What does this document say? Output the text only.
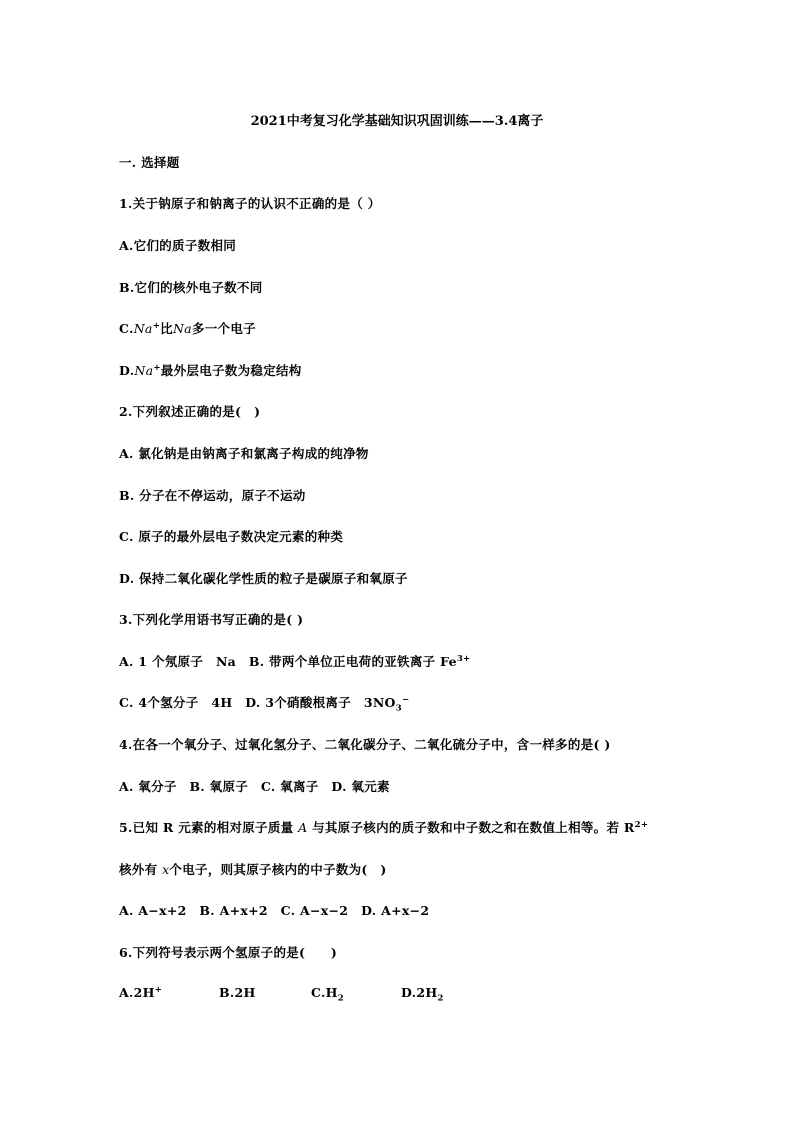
2021中考复习化学基础知识巩固训练——3.4离子
一. 选择题
1.关于钠原子和钠离子的认识不正确的是（ ）
A.它们的质子数相同
B.它们的核外电子数不同
C.Na+比Na多一个电子
D.Na+最外层电子数为稳定结构
2.下列叙述正确的是(　)
A. 氯化钠是由钠离子和氯离子构成的纯净物
B. 分子在不停运动，原子不运动
C. 原子的最外层电子数决定元素的种类
D. 保持二氧化碳化学性质的粒子是碳原子和氧原子
3.下列化学用语书写正确的是( )
A. 1 个氖原子　Na　B. 带两个单位正电荷的亚铁离子 $Fe^{3+}$
C. 4个氢分子　4H　D. 3个硝酸根离子　$3NO_3^-$
4.在各一个氧分子、过氧化氢分子、二氧化碳分子、二氧化硫分子中，含一样多的是( )
A. 氧分子　B. 氧原子　C. 氧离子　D. 氧元素
5.已知 R 元素的相对原子质量 A 与其原子核内的质子数和中子数之和在数值上相等。若 $R^{2+}$
核外有 x个电子，则其原子核内的中子数为(　)
A. A−x+2　B. A+x+2　C. A−x−2　D. A+x−2
6.下列符号表示两个氢原子的是(　　)
A.2H+	B.2H	$C.H_2$	$D.2H_2$
